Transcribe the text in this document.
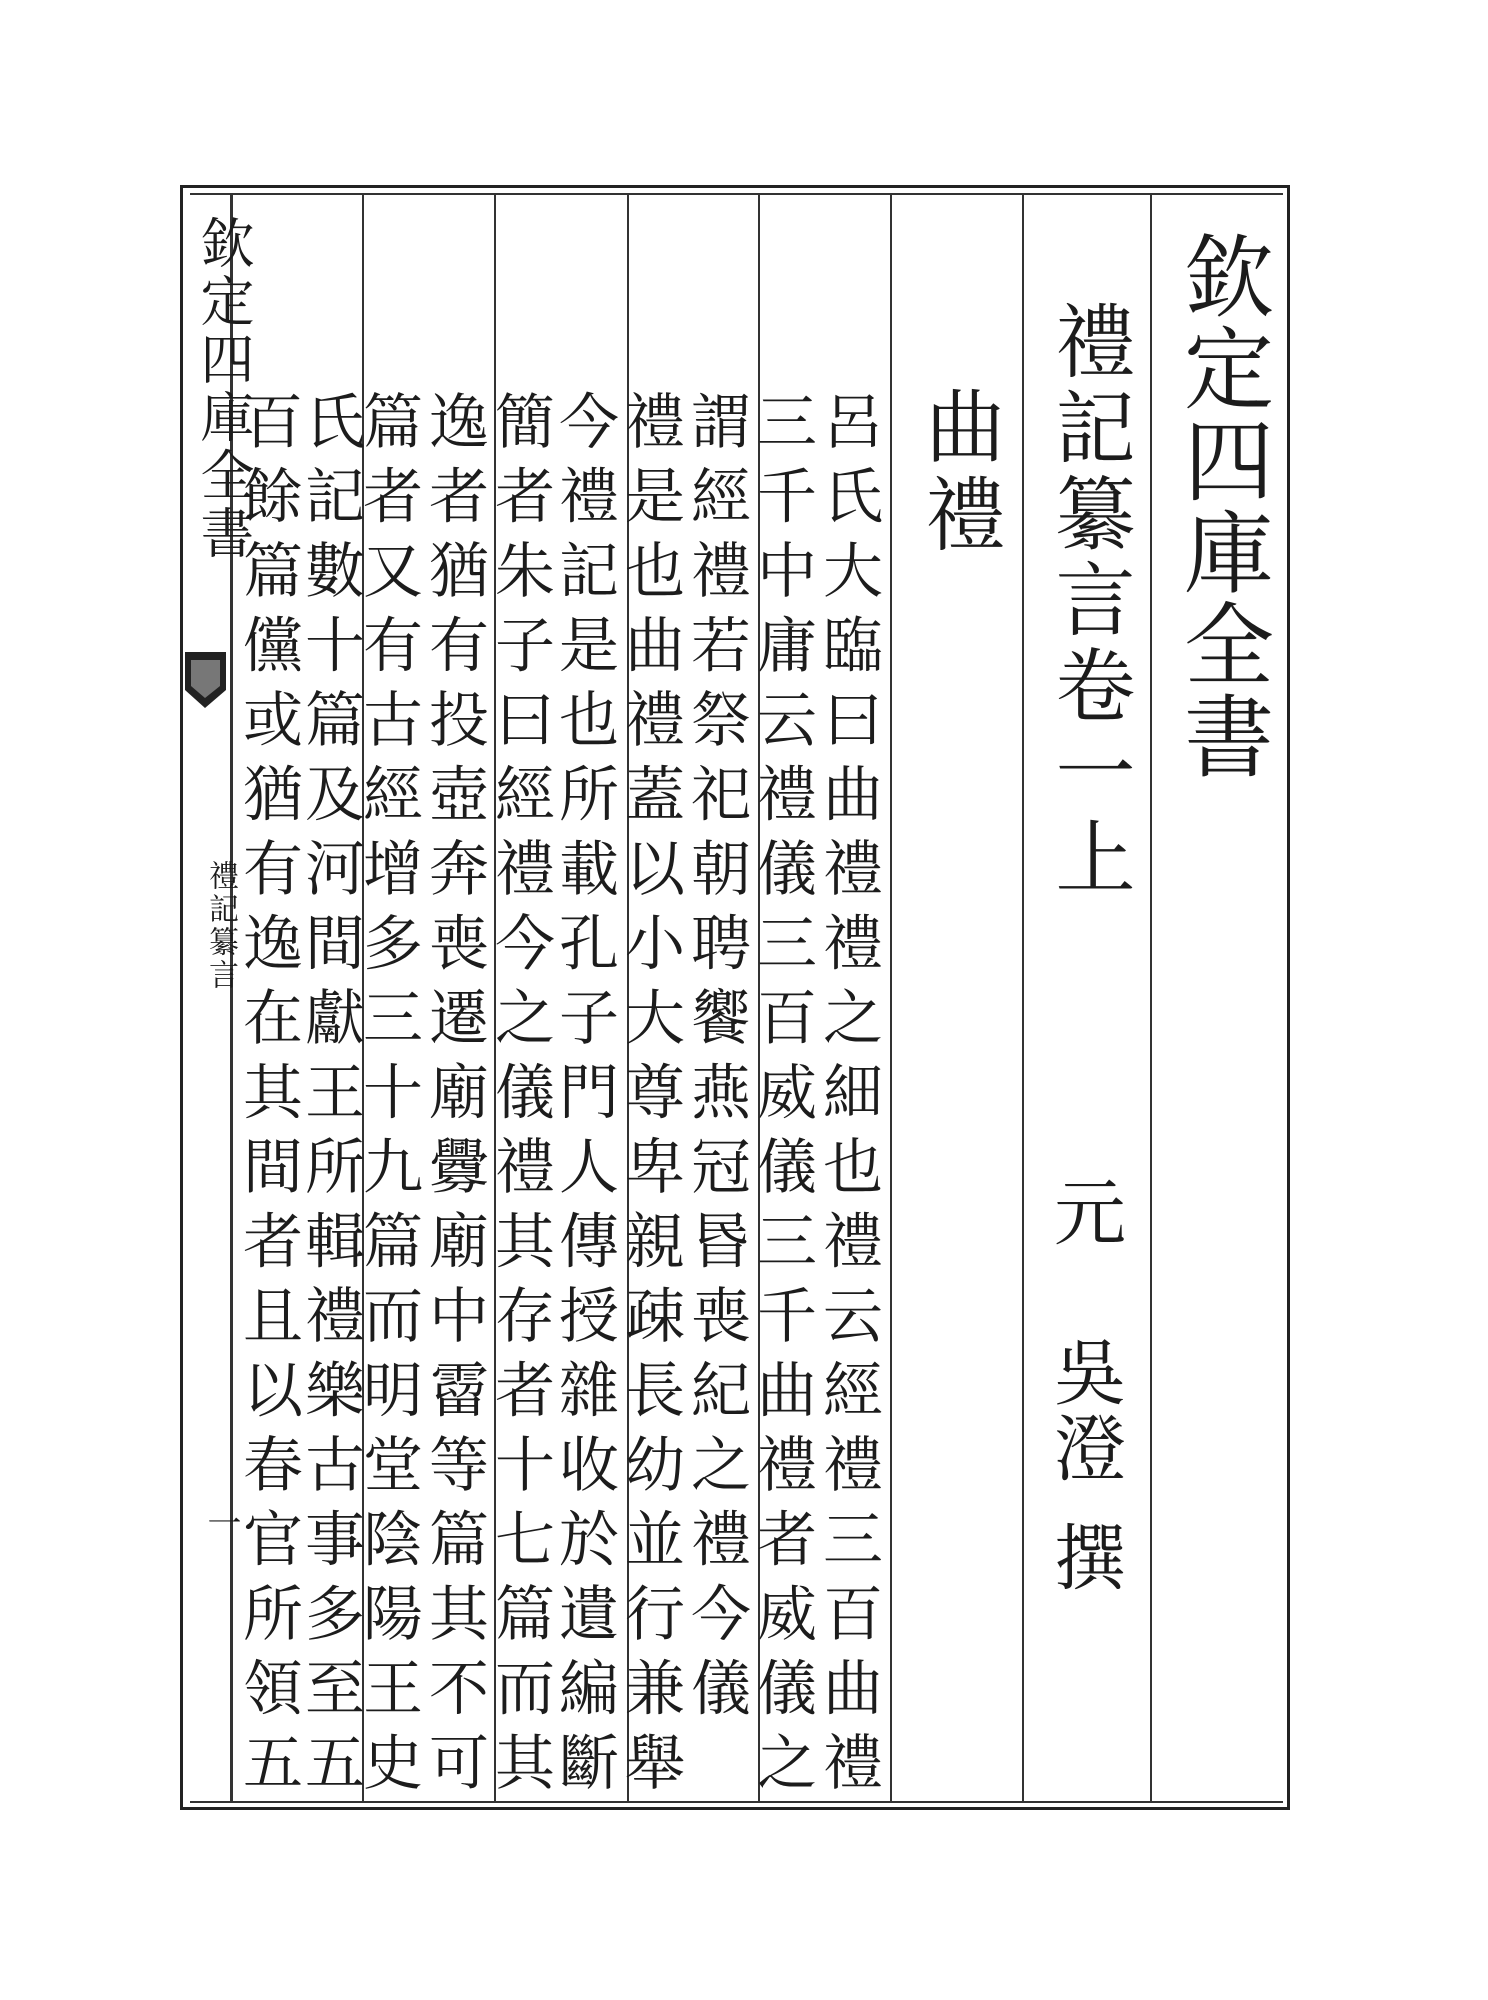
欽定四庫全書
禮記纂言
一
欽定四庫全書
禮記纂言卷一上
元
吳澄
撰
曲禮
呂氏大臨曰曲禮禮之細也禮云經禮三百曲禮
三千中庸云禮儀三百威儀三千曲禮者威儀之
謂經禮若祭祀朝聘饗燕冠昬喪紀之禮今儀
禮是也曲禮蓋以小大尊卑親疎長幼並行兼舉
今禮記是也所載孔子門人傳授雜收於遺編斷
簡者朱子曰經禮今之儀禮其存者十七篇而其
逸者猶有投壺奔喪遷廟釁廟中霤等篇其不可
篇者又有古經增多三十九篇而明堂陰陽王史
氏記數十篇及河間獻王所輯禮樂古事多至五
百餘篇儻或猶有逸在其間者且以春官所領五
